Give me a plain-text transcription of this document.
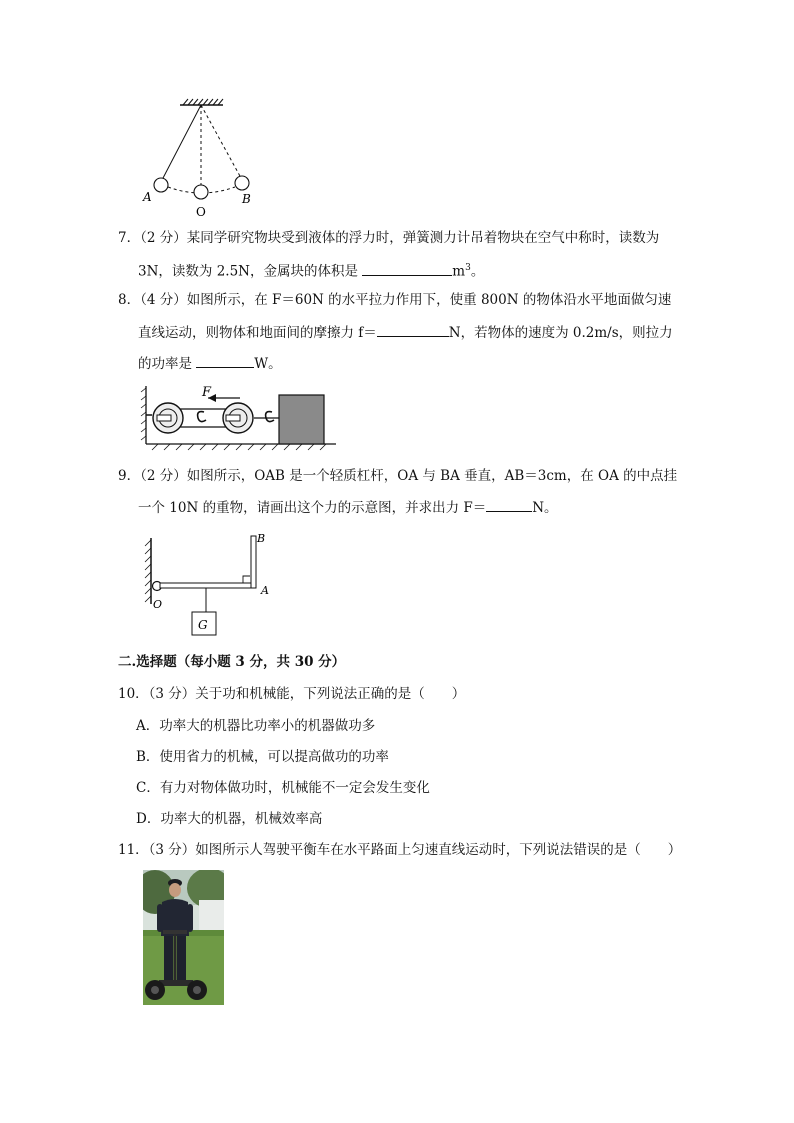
A
O
B
7．（2 分）某同学研究物块受到液体的浮力时，弹簧测力计吊着物块在空气中称时，读数为
3N，读数为 2.5N，金属块的体积是	$m^3$。
8．（4 分）如图所示，在 F＝60N 的水平拉力作用下，使重 800N 的物体沿水平地面做匀速
直线运动，则物体和地面间的摩擦力 f＝	N，若物体的速度为 0.2m/s，则拉力
的功率是	W。
F
9．（2 分）如图所示，OAB 是一个轻质杠杆，OA 与 BA 垂直，AB＝3cm，在 OA 的中点挂
一个 10N 的重物，请画出这个力的示意图，并求出力 F＝	N。
G
O
A
B
二.选择题（每小题 3 分，共 30 分）
10．（3 分）关于功和机械能，下列说法正确的是（　　）
A．功率大的机器比功率小的机器做功多
B．使用省力的机械，可以提高做功的功率
C．有力对物体做功时，机械能不一定会发生变化
D．功率大的机器，机械效率高
11．（3 分）如图所示人驾驶平衡车在水平路面上匀速直线运动时，下列说法错误的是（　　）
